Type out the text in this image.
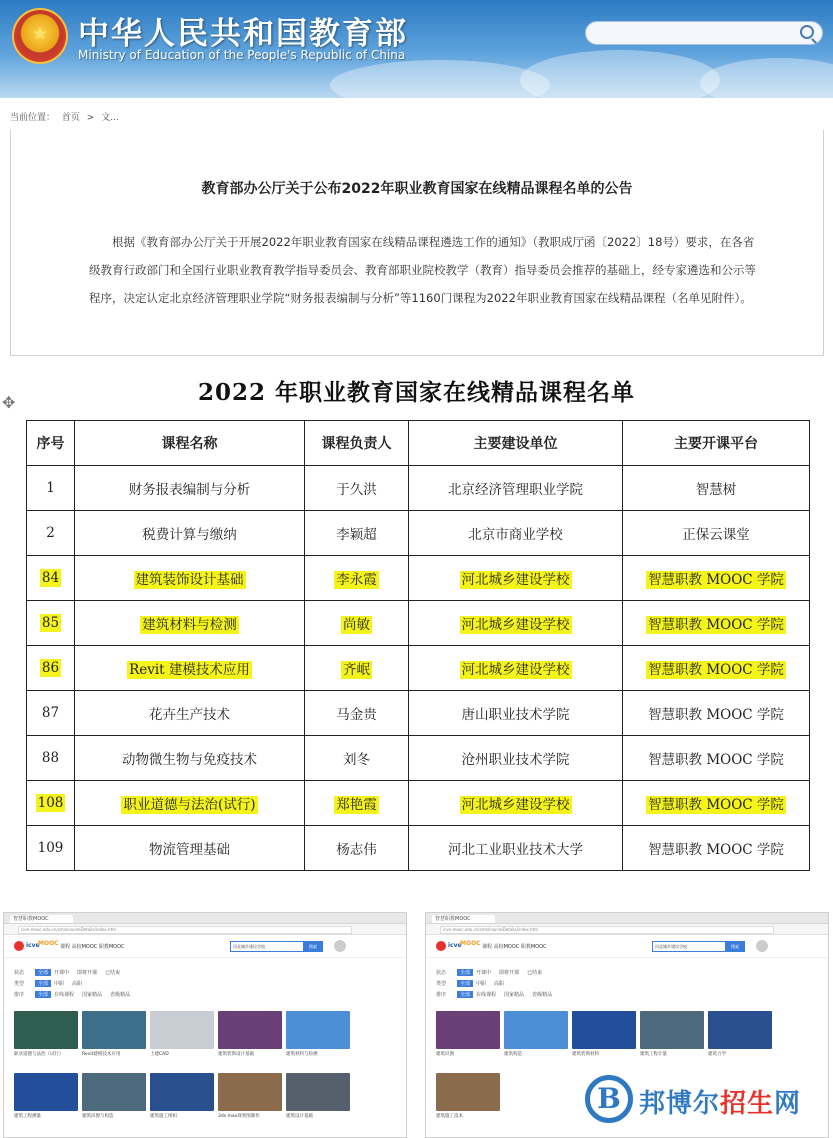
★ 中华人民共和国教育部
Ministry of Education of the People's Republic of China
当前位置： 首页 > 文...
教育部办公厅关于公布2022年职业教育国家在线精品课程名单的公告
根据《教育部办公厅关于开展2022年职业教育国家在线精品课程遴选工作的通知》（教职成厅函〔2022〕18号）要求，在各省级教育行政部门和全国行业职业教育教学指导委员会、教育部职业院校教学（教育）指导委员会推荐的基础上，经专家遴选和公示等程序，决定认定北京经济管理职业学院“财务报表编制与分析”等1160门课程为2022年职业教育国家在线精品课程（名单见附件）。
✥	2022 年职业教育国家在线精品课程名单
序号	课程名称	课程负责人	主要建设单位	主要开课平台
1	财务报表编制与分析	于久洪	北京经济管理职业学院	智慧树
2	税费计算与缴纳	李颖超	北京市商业学校	正保云课堂
84	建筑装饰设计基础	李永霞	河北城乡建设学校	智慧职教 MOOC 学院
85	建筑材料与检测	尚敏	河北城乡建设学校	智慧职教 MOOC 学院
86	Revit 建模技术应用	齐岷	河北城乡建设学校	智慧职教 MOOC 学院
87	花卉生产技术	马金贵	唐山职业技术学院	智慧职教 MOOC 学院
88	动物微生物与免疫技术	刘冬	沧州职业技术学院	智慧职教 MOOC 学院
108	职业道德与法治(试行)	郑艳霞	河北城乡建设学校	智慧职教 MOOC 学院
109	物流管理基础	杨志伟	河北工业职业技术大学	智慧职教 MOOC 学院
智慧职教MOOC
icve-mooc.edu.cn/cms/courseDetails/index.htm
icve
MOOC 课程 高校MOOC 职教MOOC	河北城乡建设学校	搜索
状态	全部 开课中 即将开课 已结束
类型	全部 中职 高职
排序	全部 在线课程 国家精品 省级精品
职业道德与法治（试行）	Revit建模技术应用	土建CAD	建筑装饰设计基础	建筑材料与检测
建筑工程测量	建筑识图与构造	建筑施工组织	3ds max效果图制作	建筑设计基础
智慧职教MOOC
icve-mooc.edu.cn/cms/courseDetails/index.htm
icve
MOOC 课程 高校MOOC 职教MOOC	河北城乡建设学校	搜索
状态	全部 开课中 即将开课 已结束
类型	全部 中职 高职
排序	全部 在线课程 国家精品 省级精品
建筑识图	建筑构造	建筑装饰材料	建筑工程计量	建筑力学
建筑施工技术
B 邦博尔招生网
